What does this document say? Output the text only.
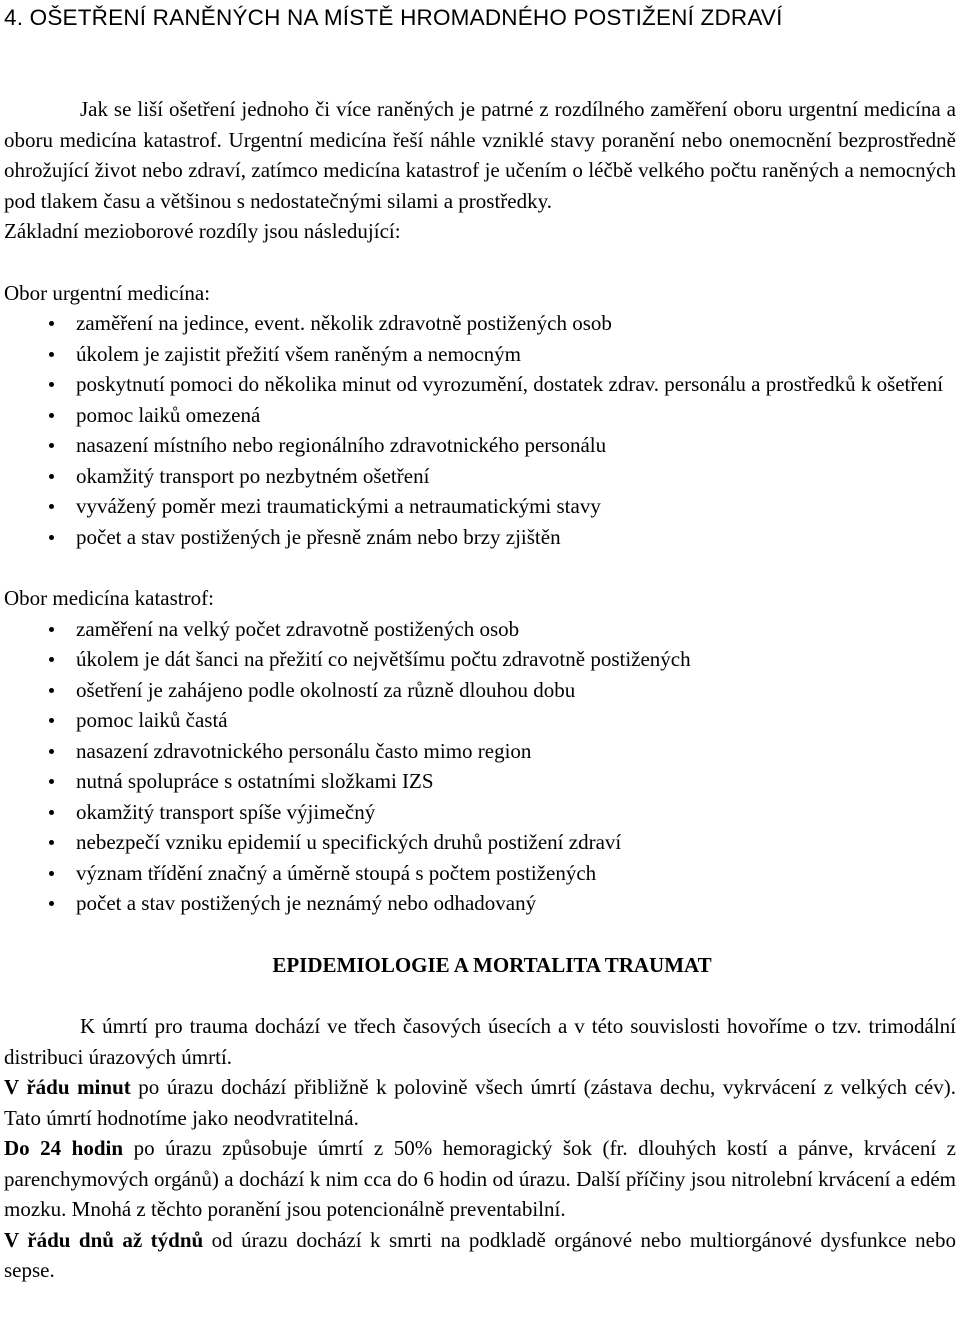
4. OŠETŘENÍ RANĚNÝCH NA MÍSTĚ HROMADNÉHO POSTIŽENÍ ZDRAVÍ

Jak se liší ošetření jednoho či více raněných je patrné z rozdílného zaměření oboru urgentní medicína a oboru medicína katastrof. Urgentní medicína řeší náhle vzniklé stavy poranění nebo onemocnění bezprostředně ohrožující život nebo zdraví, zatímco medicína katastrof je učením o léčbě velkého počtu raněných a nemocných pod tlakem času a většinou s nedostatečnými silami a prostředky.

Základní mezioborové rozdíly jsou následující:

Obor urgentní medicína:

zaměření na jedince, event. několik zdravotně postižených osob
úkolem je zajistit přežití všem raněným a nemocným
poskytnutí pomoci do několika minut od vyrozumění, dostatek zdrav. personálu a prostředků k ošetření
pomoc laiků omezená
nasazení místního nebo regionálního zdravotnického personálu
okamžitý transport po nezbytném ošetření
vyvážený poměr mezi traumatickými a netraumatickými stavy
počet a stav postižených je přesně znám nebo brzy zjištěn

Obor medicína katastrof:

zaměření na velký počet zdravotně postižených osob
úkolem je dát šanci na přežití co největšímu počtu zdravotně postižených
ošetření je zahájeno podle okolností za různě dlouhou dobu
pomoc laiků častá
nasazení zdravotnického personálu často mimo region
nutná spolupráce s ostatními složkami IZS
okamžitý transport spíše výjimečný
nebezpečí vzniku epidemií u specifických druhů postižení zdraví
význam třídění značný a úměrně stoupá s počtem postižených
počet a stav postižených je neznámý nebo odhadovaný

EPIDEMIOLOGIE A MORTALITA TRAUMAT

K úmrtí pro trauma dochází ve třech časových úsecích a v této souvislosti hovoříme o tzv. trimodální distribuci úrazových úmrtí.

V řádu minut po úrazu dochází přibližně k polovině všech úmrtí (zástava dechu, vykrvácení z velkých cév). Tato úmrtí hodnotíme jako neodvratitelná.

Do 24 hodin po úrazu způsobuje úmrtí z 50% hemoragický šok (fr. dlouhých kostí a pánve, krvácení z parenchymových orgánů) a dochází k nim cca do 6 hodin od úrazu. Další příčiny jsou nitrolební krvácení a edém mozku. Mnohá z těchto poranění jsou potencionálně preventabilní.

V řádu dnů až týdnů od úrazu dochází k smrti na podkladě orgánové nebo multiorgánové dysfunkce nebo sepse.
